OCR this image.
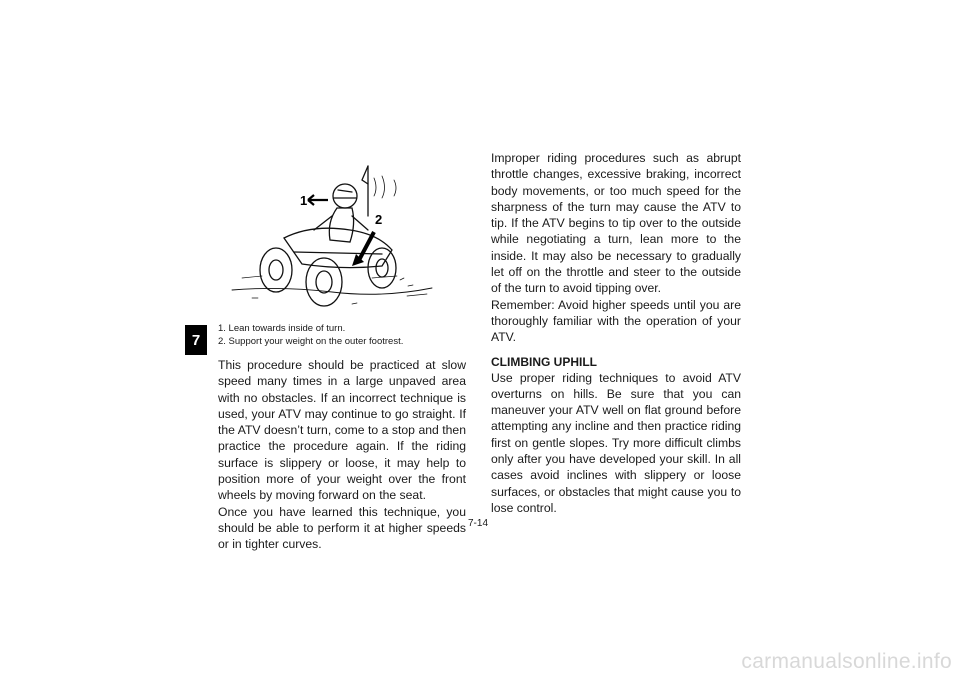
7
1
2
1. Lean towards inside of turn.
2. Support your weight on the outer footrest.

This procedure should be practiced at slow speed many times in a large unpaved area with no obstacles. If an incorrect technique is used, your ATV may continue to go straight. If the ATV doesn’t turn, come to a stop and then practice the procedure again. If the riding surface is slippery or loose, it may help to position more of your weight over the front wheels by moving forward on the seat.

Once you have learned this technique, you should be able to perform it at higher speeds or in tighter curves.

Improper riding procedures such as abrupt throttle changes, excessive braking, incorrect body movements, or too much speed for the sharpness of the turn may cause the ATV to tip. If the ATV begins to tip over to the outside while negotiating a turn, lean more to the inside. It may also be necessary to gradually let off on the throttle and steer to the outside of the turn to avoid tipping over.

Remember: Avoid higher speeds until you are thoroughly familiar with the operation of your ATV.

CLIMBING UPHILL

Use proper riding techniques to avoid ATV overturns on hills. Be sure that you can maneuver your ATV well on flat ground before attempting any incline and then practice riding first on gentle slopes. Try more difficult climbs only after you have developed your skill. In all cases avoid inclines with slippery or loose surfaces, or obstacles that might cause you to lose control.

7-14
carmanualsonline.info
